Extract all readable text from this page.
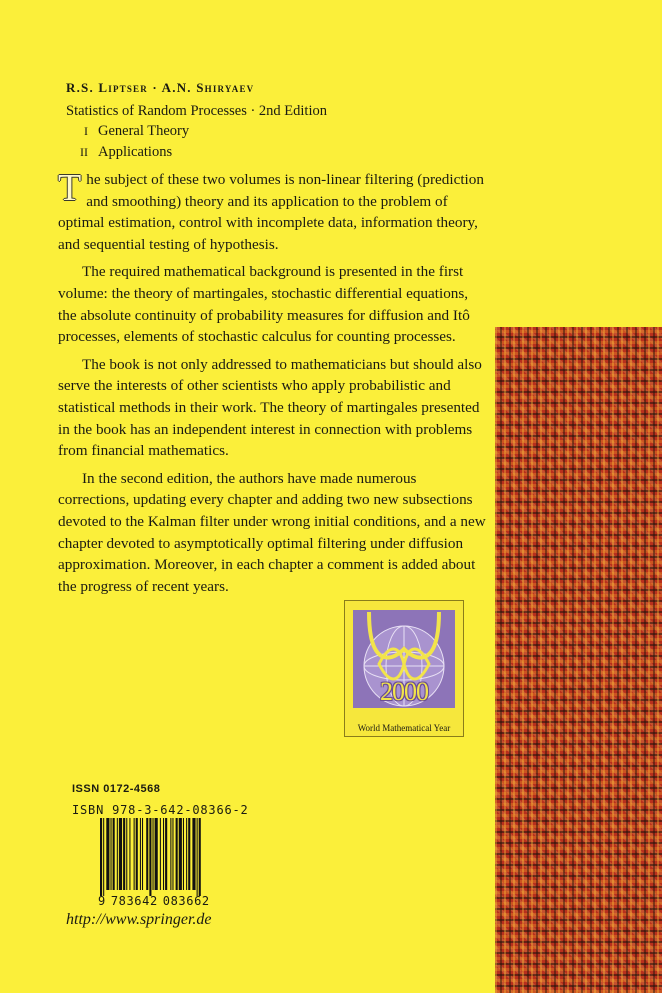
R.S. Liptser · A.N. Shiryaev

Statistics of Random Processes · 2nd Edition

I General Theory
II Applications

The subject of these two volumes is non-linear filtering (prediction and smoothing) theory and its application to the problem of optimal estimation, control with incomplete data, information theory, and sequential testing of hypothesis.

The required mathematical background is presented in the first volume: the theory of martingales, stochastic differential equations, the absolute continuity of probability measures for diffusion and Itô processes, elements of stochastic calculus for counting processes.

The book is not only addressed to mathematicians but should also serve the interests of other scientists who apply probabilistic and statistical methods in their work. The theory of martingales presented in the book has an independent interest in connection with problems from financial mathematics.

In the second edition, the authors have made numerous corrections, updating every chapter and adding two new subsections devoted to the Kalman filter under wrong initial conditions, and a new chapter devoted to asymptotically optimal filtering under diffusion approximation. Moreover, in each chapter a comment is added about the progress of recent years.

2000
World Mathematical Year
ISSN 0172-4568
ISBN 978-3-642-08366-2
9 783642 083662
http://www.springer.de
